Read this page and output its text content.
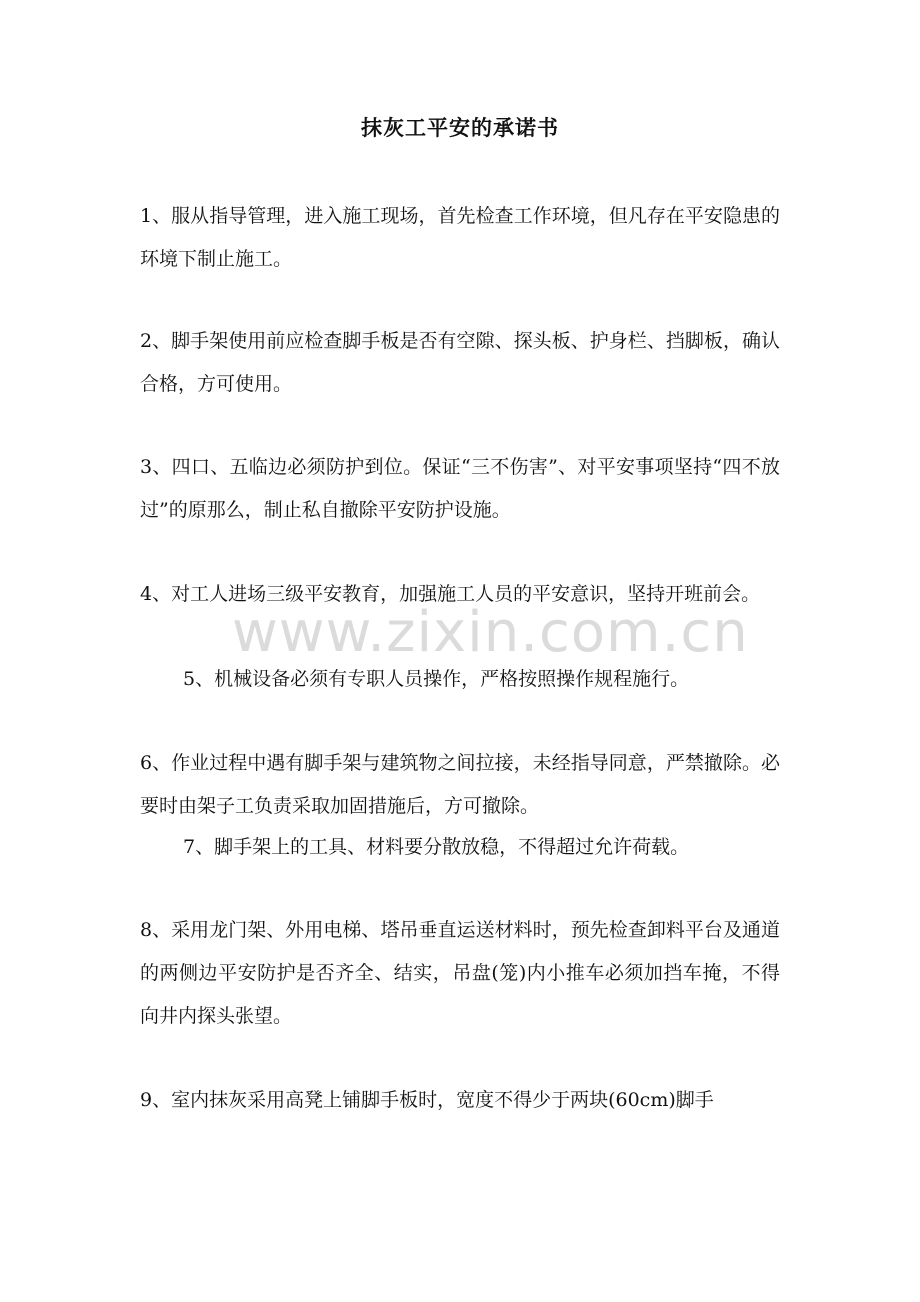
抹灰工平安的承诺书
1、服从指导管理，进入施工现场，首先检查工作环境，但凡存在平安隐患的环境下制止施工。
2、脚手架使用前应检查脚手板是否有空隙、探头板、护身栏、挡脚板，确认合格，方可使用。
3、四口、五临边必须防护到位。保证“三不伤害”、对平安事项坚持“四不放过”的原那么，制止私自撤除平安防护设施。
4、对工人进场三级平安教育，加强施工人员的平安意识，坚持开班前会。
5、机械设备必须有专职人员操作，严格按照操作规程施行。
6、作业过程中遇有脚手架与建筑物之间拉接，未经指导同意，严禁撤除。必要时由架子工负责采取加固措施后，方可撤除。
7、脚手架上的工具、材料要分散放稳，不得超过允许荷载。
8、采用龙门架、外用电梯、塔吊垂直运送材料时，预先检查卸料平台及通道的两侧边平安防护是否齐全、结实，吊盘(笼)内小推车必须加挡车掩，不得向井内探头张望。
9、室内抹灰采用高凳上铺脚手板时，宽度不得少于两块(60cm)脚手
www.zixin.com.cn
